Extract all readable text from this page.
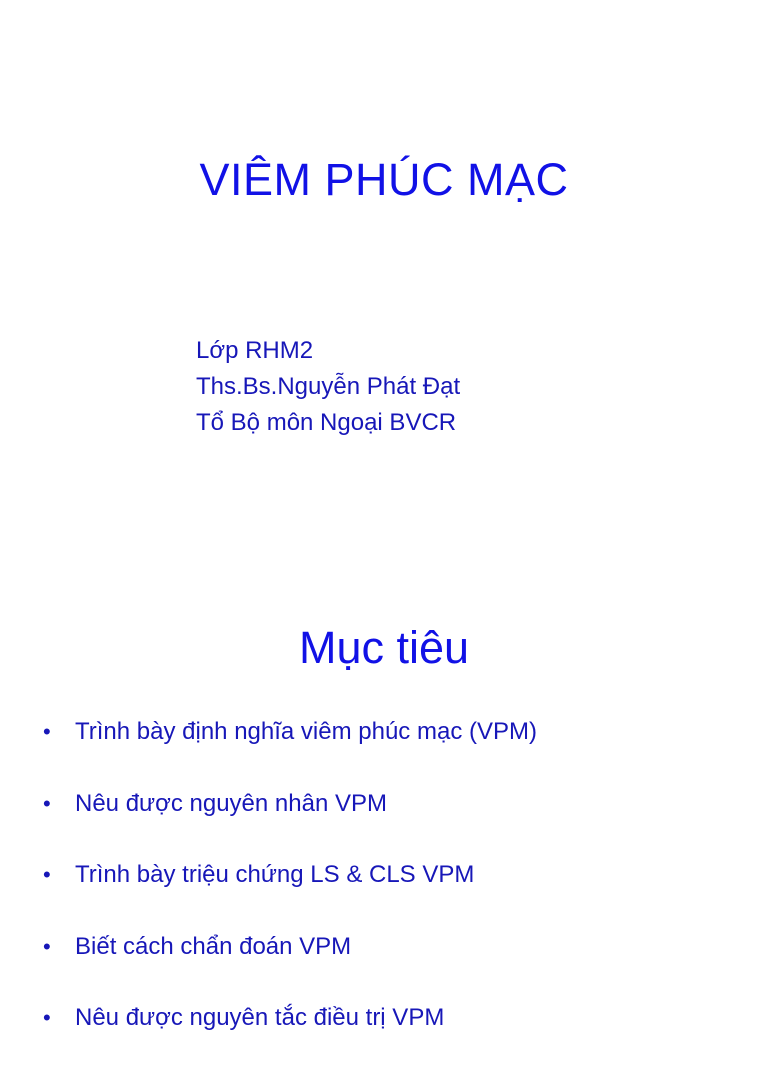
VIÊM PHÚC MẠC
Lớp RHM2
Ths.Bs.Nguyễn Phát Đạt
Tổ Bộ môn Ngoại BVCR
Mục tiêu
• Trình bày định nghĩa viêm phúc mạc (VPM)
• Nêu được nguyên nhân VPM
• Trình bày triệu chứng LS & CLS VPM
• Biết cách chẩn đoán VPM
• Nêu được nguyên tắc điều trị VPM
